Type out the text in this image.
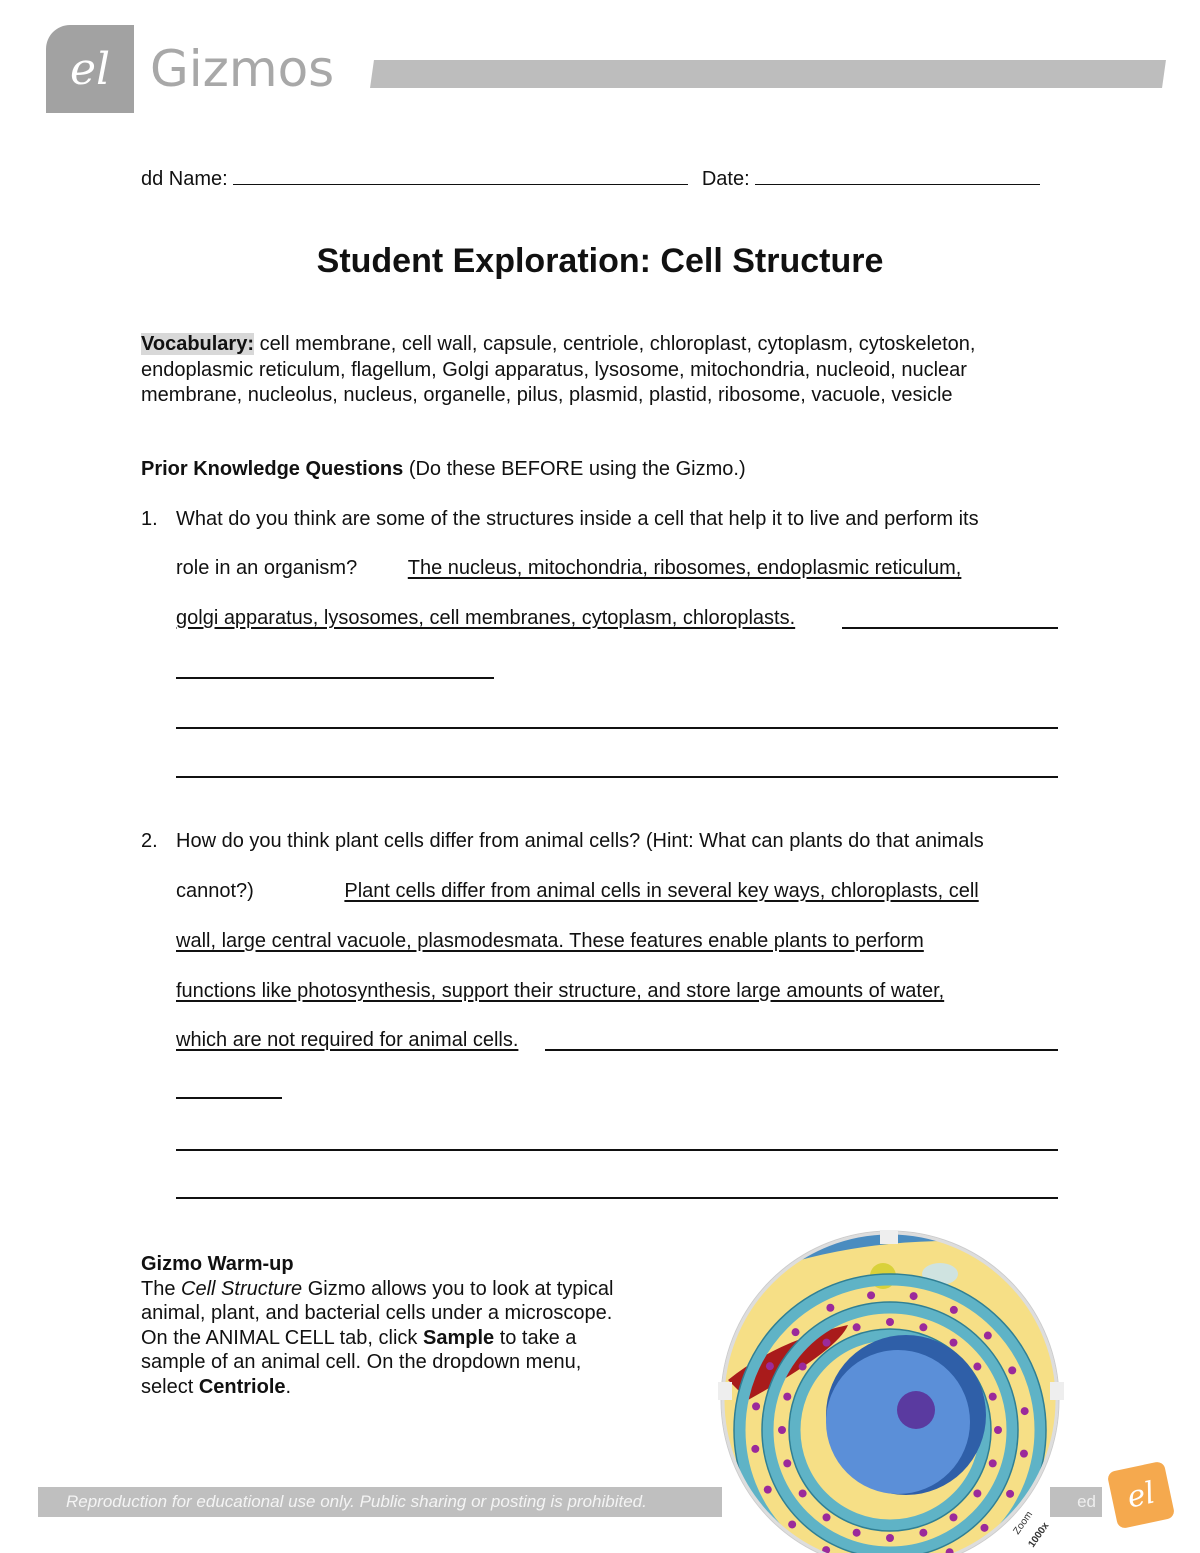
el Gizmos
dd Name:	Date:
Student Exploration: Cell Structure
Vocabulary: cell membrane, cell wall, capsule, centriole, chloroplast, cytoplasm, cytoskeleton,
endoplasmic reticulum, flagellum, Golgi apparatus, lysosome, mitochondria, nucleoid, nuclear
membrane, nucleolus, nucleus, organelle, pilus, plasmid, plastid, ribosome, vacuole, vesicle
Prior Knowledge Questions (Do these BEFORE using the Gizmo.)
1. What do you think are some of the structures inside a cell that help it to live and perform its
role in an organism? The nucleus, mitochondria, ribosomes, endoplasmic reticulum,
golgi apparatus, lysosomes, cell membranes, cytoplasm, chloroplasts.
2. How do you think plant cells differ from animal cells? (Hint: What can plants do that animals
cannot?)	Plant cells differ from animal cells in several key ways, chloroplasts, cell
wall, large central vacuole, plasmodesmata. These features enable plants to perform
functions like photosynthesis, support their structure, and store large amounts of water,
which are not required for animal cells.
Gizmo Warm-up
The Cell Structure Gizmo allows you to look at typical
animal, plant, and bacterial cells under a microscope.
On the ANIMAL CELL tab, click Sample to take a
sample of an animal cell. On the dropdown menu,
select Centriole.
Reproduction for educational use only. Public sharing or posting is prohibited.	ed el
Zoom
1000x
